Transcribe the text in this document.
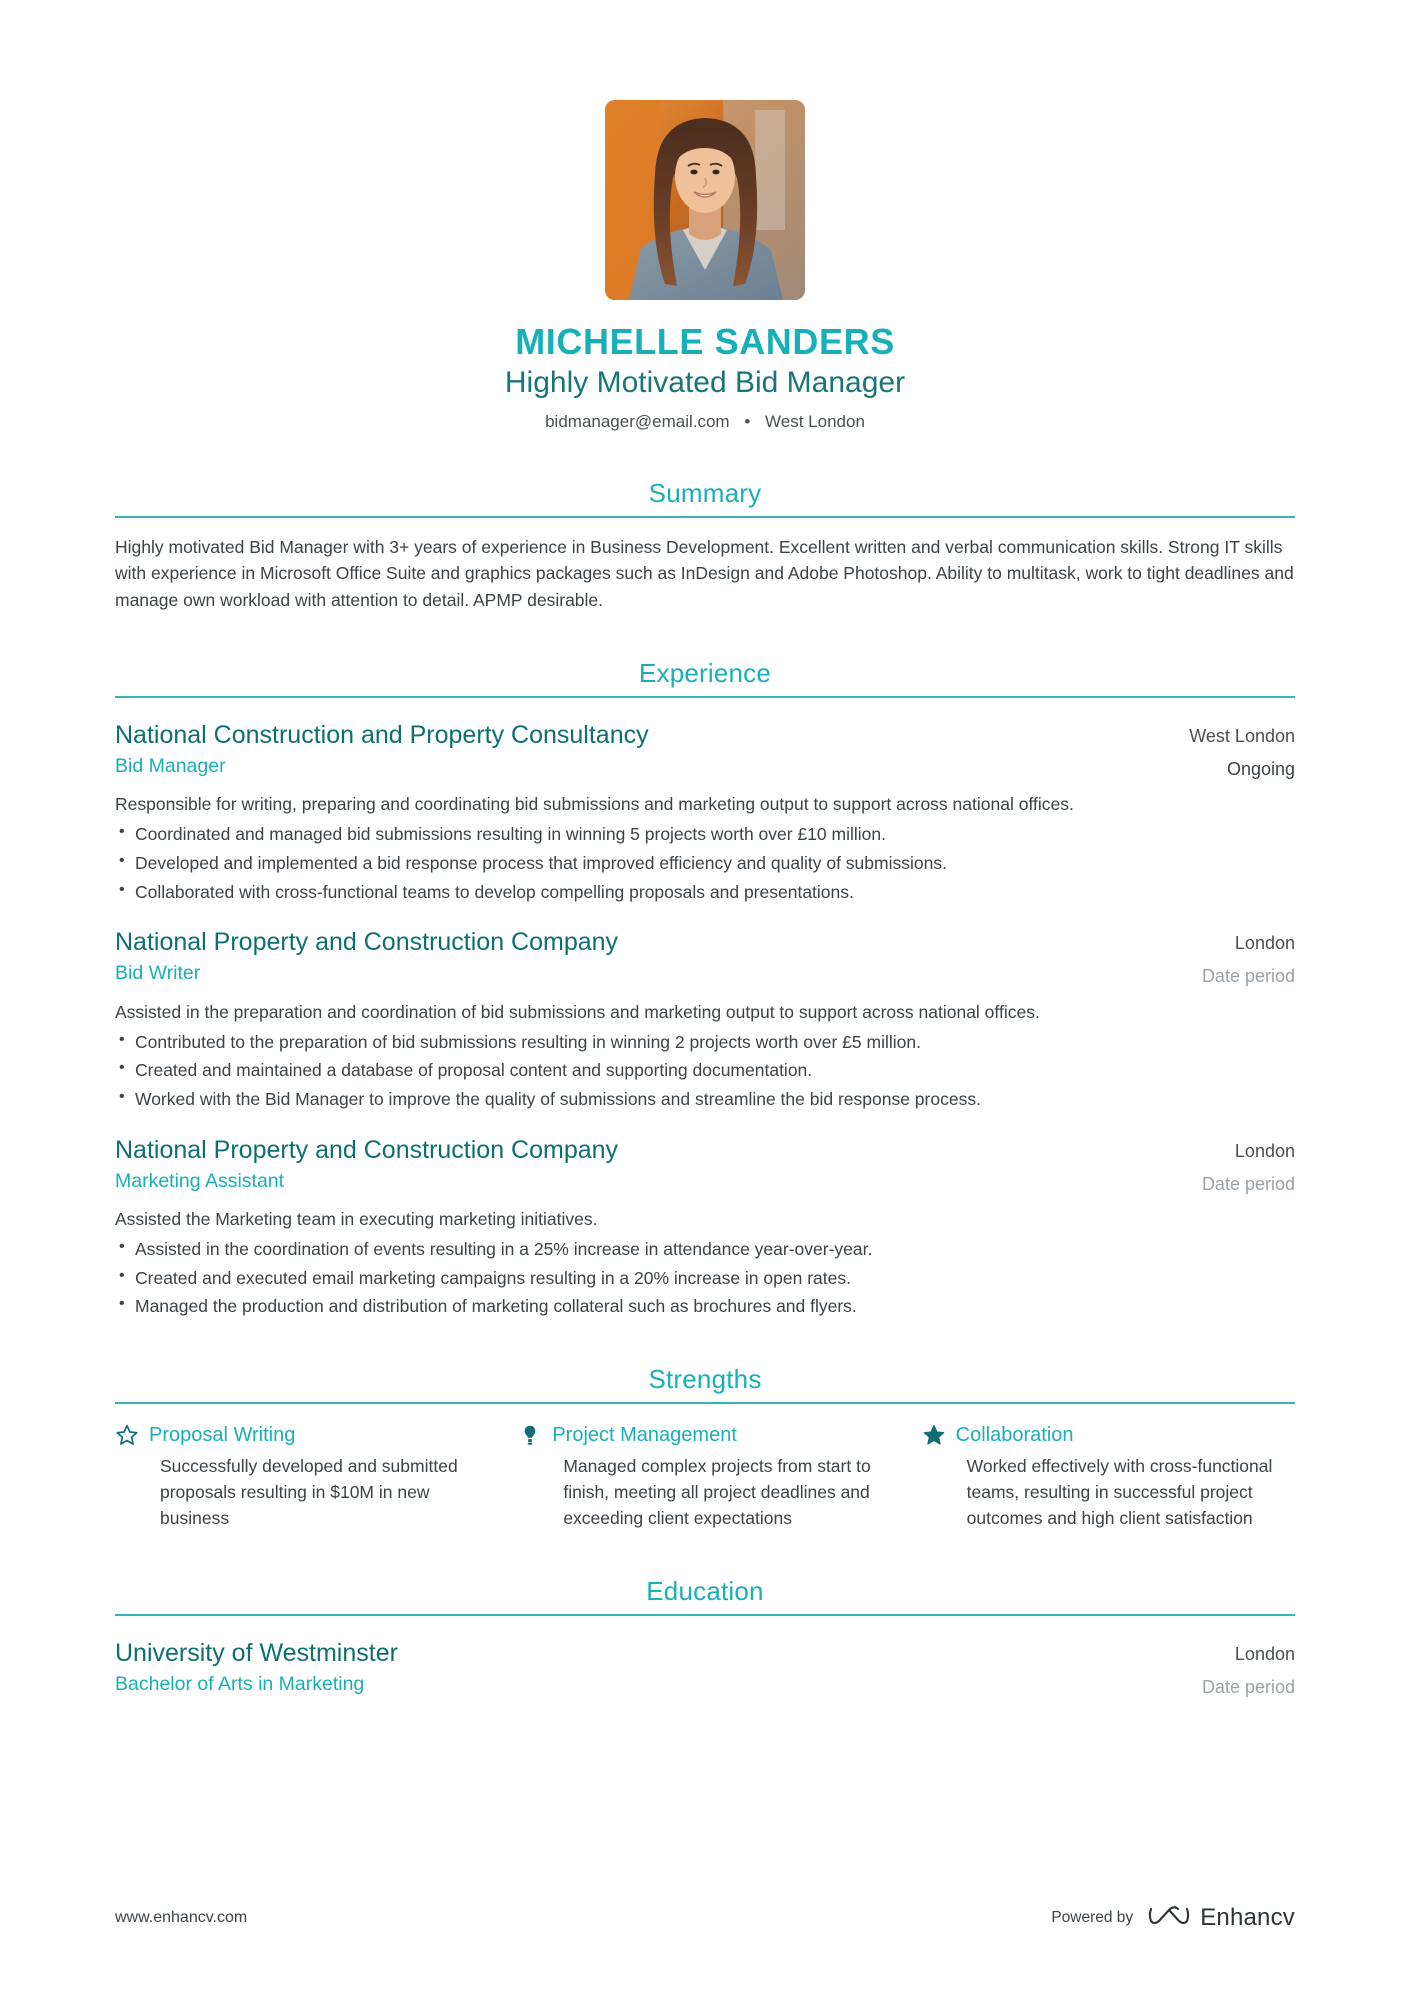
MICHELLE SANDERS
Highly Motivated Bid Manager
bidmanager@email.com • West London
Summary
Highly motivated Bid Manager with 3+ years of experience in Business Development. Excellent written and verbal communication skills. Strong IT skills with experience in Microsoft Office Suite and graphics packages such as InDesign and Adobe Photoshop. Ability to multitask, work to tight deadlines and manage own workload with attention to detail. APMP desirable.
Experience
National Construction and Property Consultancy
Bid Manager
West London
Ongoing
Responsible for writing, preparing and coordinating bid submissions and marketing output to support across national offices.
• Coordinated and managed bid submissions resulting in winning 5 projects worth over £10 million.
• Developed and implemented a bid response process that improved efficiency and quality of submissions.
• Collaborated with cross-functional teams to develop compelling proposals and presentations.
National Property and Construction Company
Bid Writer
London
Date period
Assisted in the preparation and coordination of bid submissions and marketing output to support across national offices.
• Contributed to the preparation of bid submissions resulting in winning 2 projects worth over £5 million.
• Created and maintained a database of proposal content and supporting documentation.
• Worked with the Bid Manager to improve the quality of submissions and streamline the bid response process.
National Property and Construction Company
Marketing Assistant
London
Date period
Assisted the Marketing team in executing marketing initiatives.
• Assisted in the coordination of events resulting in a 25% increase in attendance year-over-year.
• Created and executed email marketing campaigns resulting in a 20% increase in open rates.
• Managed the production and distribution of marketing collateral such as brochures and flyers.
Strengths
Proposal Writing
Successfully developed and submitted proposals resulting in $10M in new business
Project Management
Managed complex projects from start to finish, meeting all project deadlines and exceeding client expectations
Collaboration
Worked effectively with cross-functional teams, resulting in successful project outcomes and high client satisfaction
Education
University of Westminster
Bachelor of Arts in Marketing
London
Date period
www.enhancv.com	Powered by	Enhancv
